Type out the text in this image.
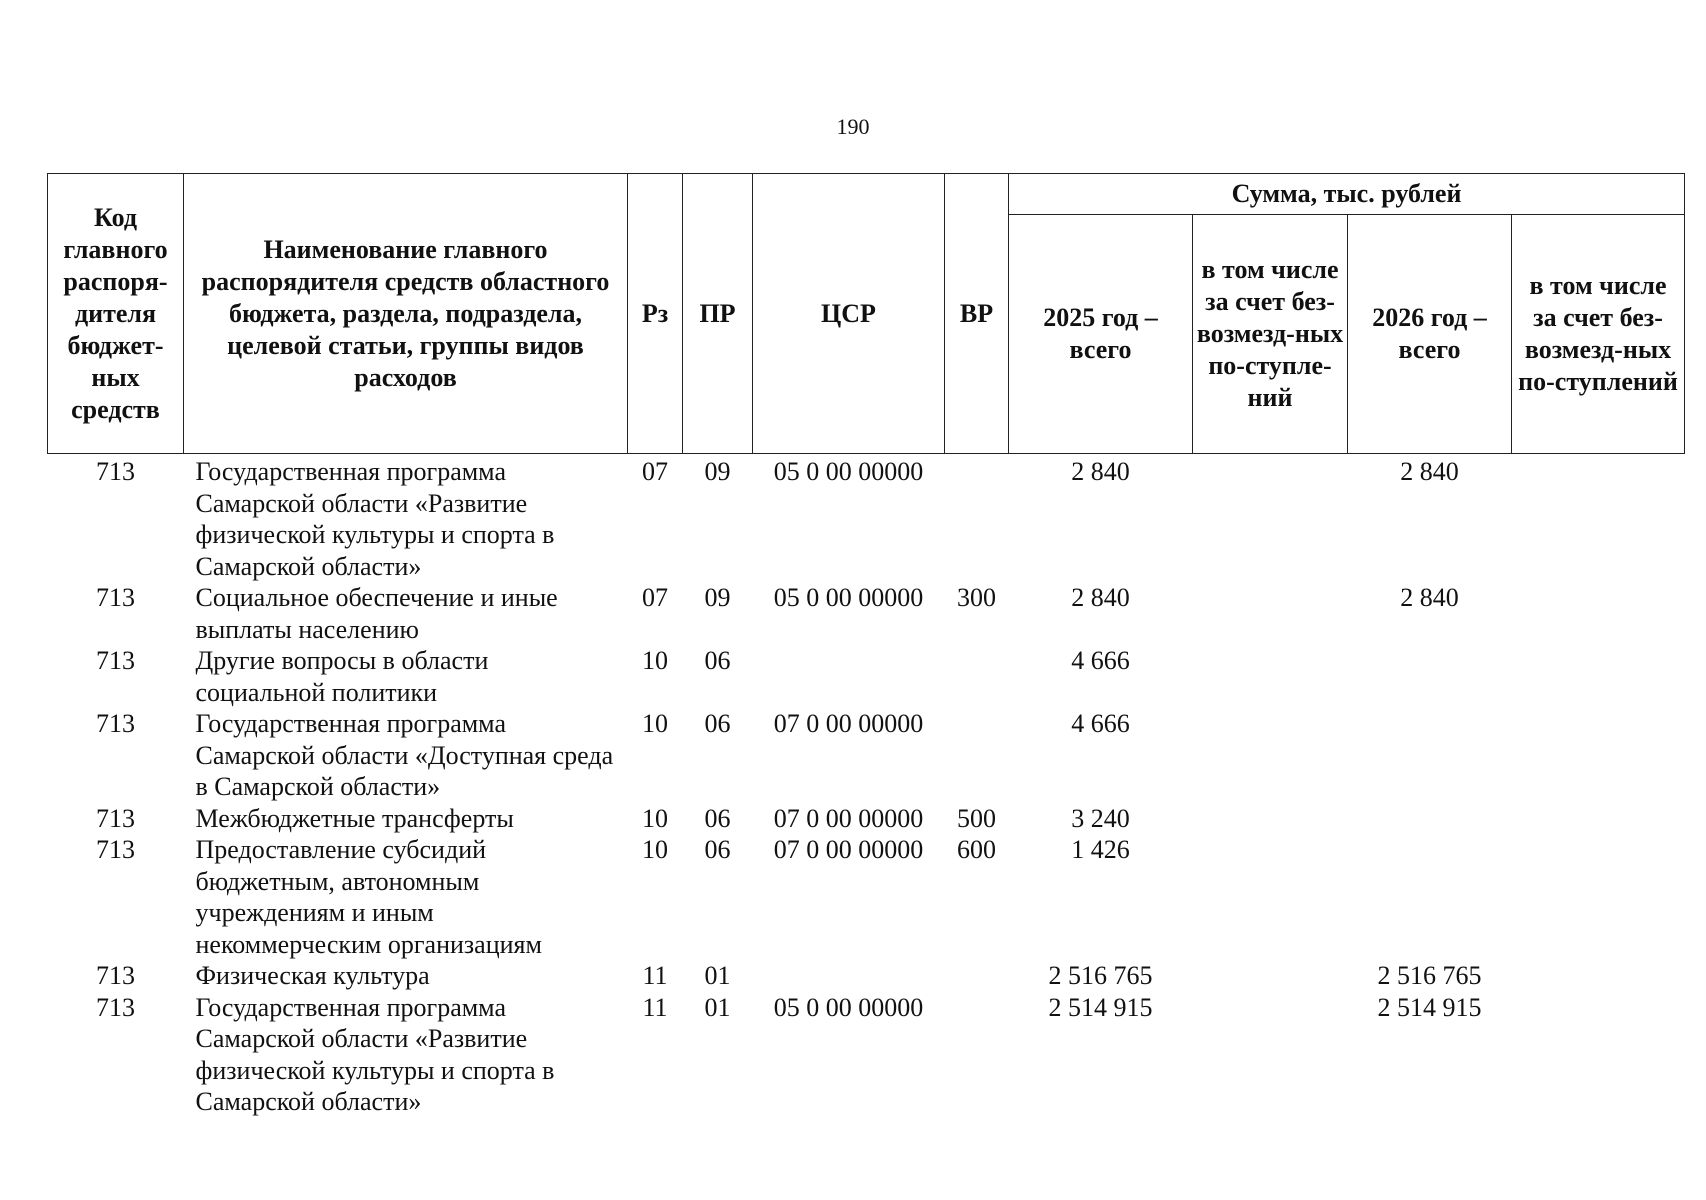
190
Код главного распоря-дителя бюджет-ных средств	Наименование главного распорядителя средств областного бюджета, раздела, подраздела, целевой статьи, группы видов расходов	Рз	ПР	ЦСР	ВР	Сумма, тыс. рублей			
						2025 год – всего	в том числе за счет без-возмезд-ных по-ступле-ний	2026 год – всего	в том числе за счет без-возмезд-ных по-ступлений
713	Государственная программа Самарской области «Развитие физической культуры и спорта в Самарской области»	07	09	05 0 00 00000		2 840		2 840	
713	Социальное обеспечение и иные выплаты населению	07	09	05 0 00 00000	300	2 840		2 840	
713	Другие вопросы в области социальной политики	10	06			4 666			
713	Государственная программа Самарской области «Доступная среда в Самарской области»	10	06	07 0 00 00000		4 666			
713	Межбюджетные трансферты	10	06	07 0 00 00000	500	3 240			
713	Предоставление субсидий бюджетным, автономным учреждениям и иным некоммерческим организациям	10	06	07 0 00 00000	600	1 426			
713	Физическая культура	11	01			2 516 765		2 516 765	
713	Государственная программа Самарской области «Развитие физической культуры и спорта в Самарской области»	11	01	05 0 00 00000		2 514 915		2 514 915	
